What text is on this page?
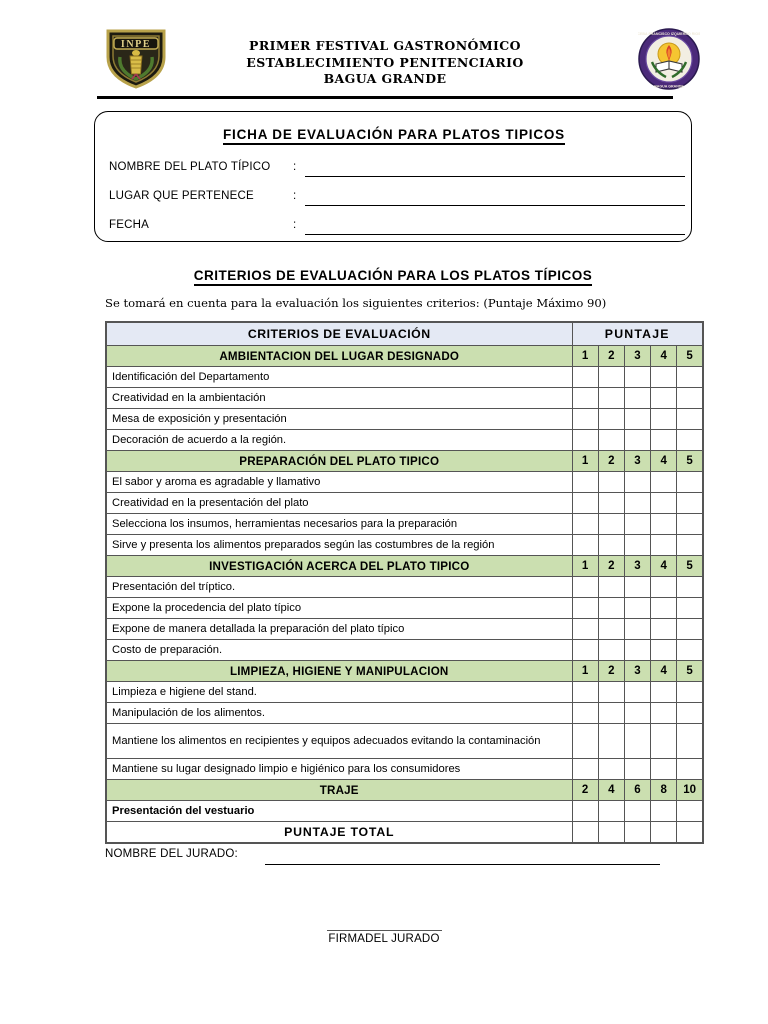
INPE	PRIMER FESTIVAL GASTRONÓMICO
ESTABLECIMIENTO PENITENCIARIO
BAGUA GRANDE
CEBA FRANCISCO IZQUIERDO RIOS
BAGUA GRANDE
FICHA DE EVALUACIÓN PARA PLATOS TIPICOS
NOMBRE DEL PLATO TÍPICO :
LUGAR QUE PERTENECE	:
FECHA	:
CRITERIOS DE EVALUACIÓN PARA LOS PLATOS TÍPICOS
Se tomará en cuenta para la evaluación los siguientes criterios: (Puntaje Máximo 90)
CRITERIOS DE EVALUACIÓN	PUNTAJE				
AMBIENTACION DEL LUGAR DESIGNADO	1	2	3	4	5
Identificación del Departamento					
Creatividad en la ambientación					
Mesa de exposición y presentación					
Decoración de acuerdo a la región.					
PREPARACIÓN DEL PLATO TIPICO	1	2	3	4	5
El sabor y aroma es agradable y llamativo					
Creatividad en la presentación del plato					
Selecciona los insumos, herramientas necesarios para la preparación					
Sirve y presenta los alimentos preparados según las costumbres de la región					
INVESTIGACIÓN ACERCA DEL PLATO TIPICO	1	2	3	4	5
Presentación del tríptico.					
Expone la procedencia del plato típico					
Expone de manera detallada la preparación del plato típico					
Costo de preparación.					
LIMPIEZA, HIGIENE Y MANIPULACION	1	2	3	4	5
Limpieza e higiene del stand.					
Manipulación de los alimentos.					
Mantiene los alimentos en recipientes y equipos adecuados evitando la contaminación					
Mantiene su lugar designado limpio e higiénico para los consumidores					
TRAJE	2	4	6	8	10
Presentación del vestuario					
PUNTAJE TOTAL					
NOMBRE DEL JURADO:
FIRMADEL JURADO
